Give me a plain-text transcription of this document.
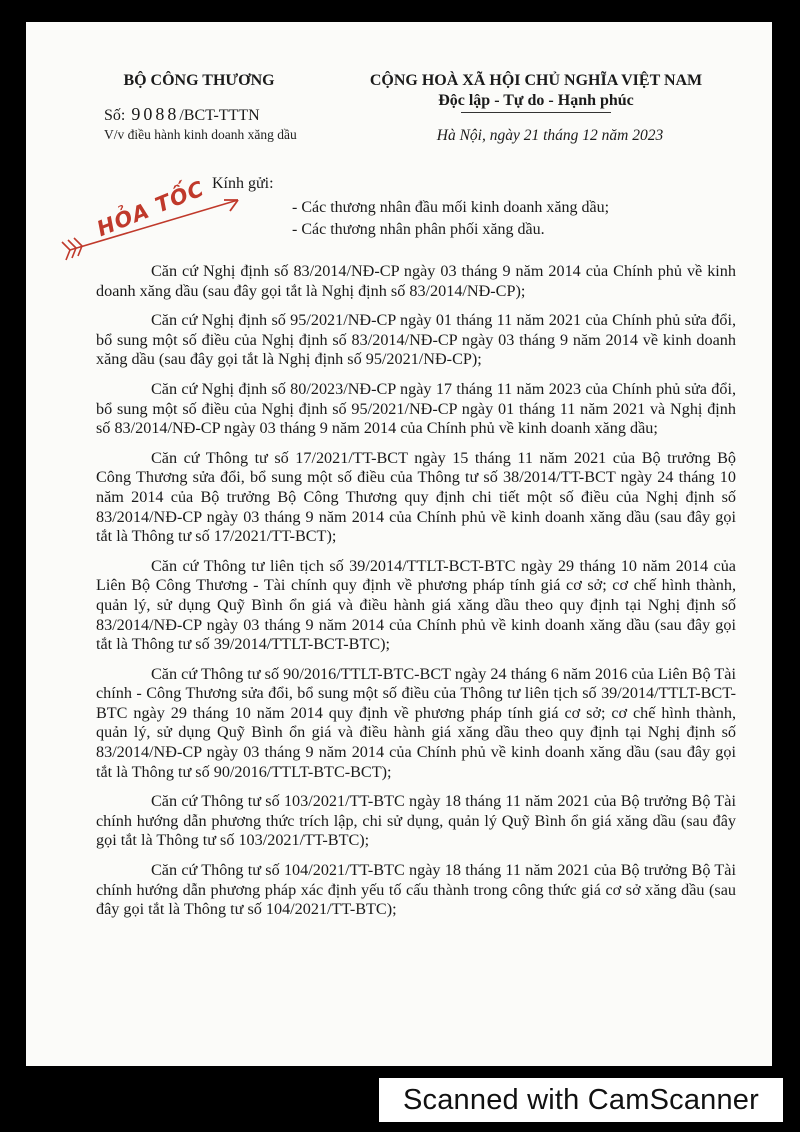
BỘ CÔNG THƯƠNG
Số: 9088/BCT-TTTN
V/v điều hành kinh doanh xăng dầu
CỘNG HOÀ XÃ HỘI CHỦ NGHĨA VIỆT NAM
Độc lập - Tự do - Hạnh phúc
Hà Nội, ngày 21 tháng 12 năm 2023
HỎA TỐC Kính gửi:
- Các thương nhân đầu mối kinh doanh xăng dầu;
- Các thương nhân phân phối xăng dầu.

Căn cứ Nghị định số 83/2014/NĐ-CP ngày 03 tháng 9 năm 2014 của Chính phủ về kinh doanh xăng dầu (sau đây gọi tắt là Nghị định số 83/2014/NĐ-CP);

Căn cứ Nghị định số 95/2021/NĐ-CP ngày 01 tháng 11 năm 2021 của Chính phủ sửa đổi, bổ sung một số điều của Nghị định số 83/2014/NĐ-CP ngày 03 tháng 9 năm 2014 về kinh doanh xăng dầu (sau đây gọi tắt là Nghị định số 95/2021/NĐ-CP);

Căn cứ Nghị định số 80/2023/NĐ-CP ngày 17 tháng 11 năm 2023 của Chính phủ sửa đổi, bổ sung một số điều của Nghị định số 95/2021/NĐ-CP ngày 01 tháng 11 năm 2021 và Nghị định số 83/2014/NĐ-CP ngày 03 tháng 9 năm 2014 của Chính phủ về kinh doanh xăng dầu;

Căn cứ Thông tư số 17/2021/TT-BCT ngày 15 tháng 11 năm 2021 của Bộ trưởng Bộ Công Thương sửa đổi, bổ sung một số điều của Thông tư số 38/2014/TT-BCT ngày 24 tháng 10 năm 2014 của Bộ trưởng Bộ Công Thương quy định chi tiết một số điều của Nghị định số 83/2014/NĐ-CP ngày 03 tháng 9 năm 2014 của Chính phủ về kinh doanh xăng dầu (sau đây gọi tắt là Thông tư số 17/2021/TT-BCT);

Căn cứ Thông tư liên tịch số 39/2014/TTLT-BCT-BTC ngày 29 tháng 10 năm 2014 của Liên Bộ Công Thương - Tài chính quy định về phương pháp tính giá cơ sở; cơ chế hình thành, quản lý, sử dụng Quỹ Bình ổn giá và điều hành giá xăng dầu theo quy định tại Nghị định số 83/2014/NĐ-CP ngày 03 tháng 9 năm 2014 của Chính phủ về kinh doanh xăng dầu (sau đây gọi tắt là Thông tư số 39/2014/TTLT-BCT-BTC);

Căn cứ Thông tư số 90/2016/TTLT-BTC-BCT ngày 24 tháng 6 năm 2016 của Liên Bộ Tài chính - Công Thương sửa đổi, bổ sung một số điều của Thông tư liên tịch số 39/2014/TTLT-BCT-BTC ngày 29 tháng 10 năm 2014 quy định về phương pháp tính giá cơ sở; cơ chế hình thành, quản lý, sử dụng Quỹ Bình ổn giá và điều hành giá xăng dầu theo quy định tại Nghị định số 83/2014/NĐ-CP ngày 03 tháng 9 năm 2014 của Chính phủ về kinh doanh xăng dầu (sau đây gọi tắt là Thông tư số 90/2016/TTLT-BTC-BCT);

Căn cứ Thông tư số 103/2021/TT-BTC ngày 18 tháng 11 năm 2021 của Bộ trưởng Bộ Tài chính hướng dẫn phương thức trích lập, chi sử dụng, quản lý Quỹ Bình ổn giá xăng dầu (sau đây gọi tắt là Thông tư số 103/2021/TT-BTC);

Căn cứ Thông tư số 104/2021/TT-BTC ngày 18 tháng 11 năm 2021 của Bộ trưởng Bộ Tài chính hướng dẫn phương pháp xác định yếu tố cấu thành trong công thức giá cơ sở xăng dầu (sau đây gọi tắt là Thông tư số 104/2021/TT-BTC);

Scanned with CamScanner
